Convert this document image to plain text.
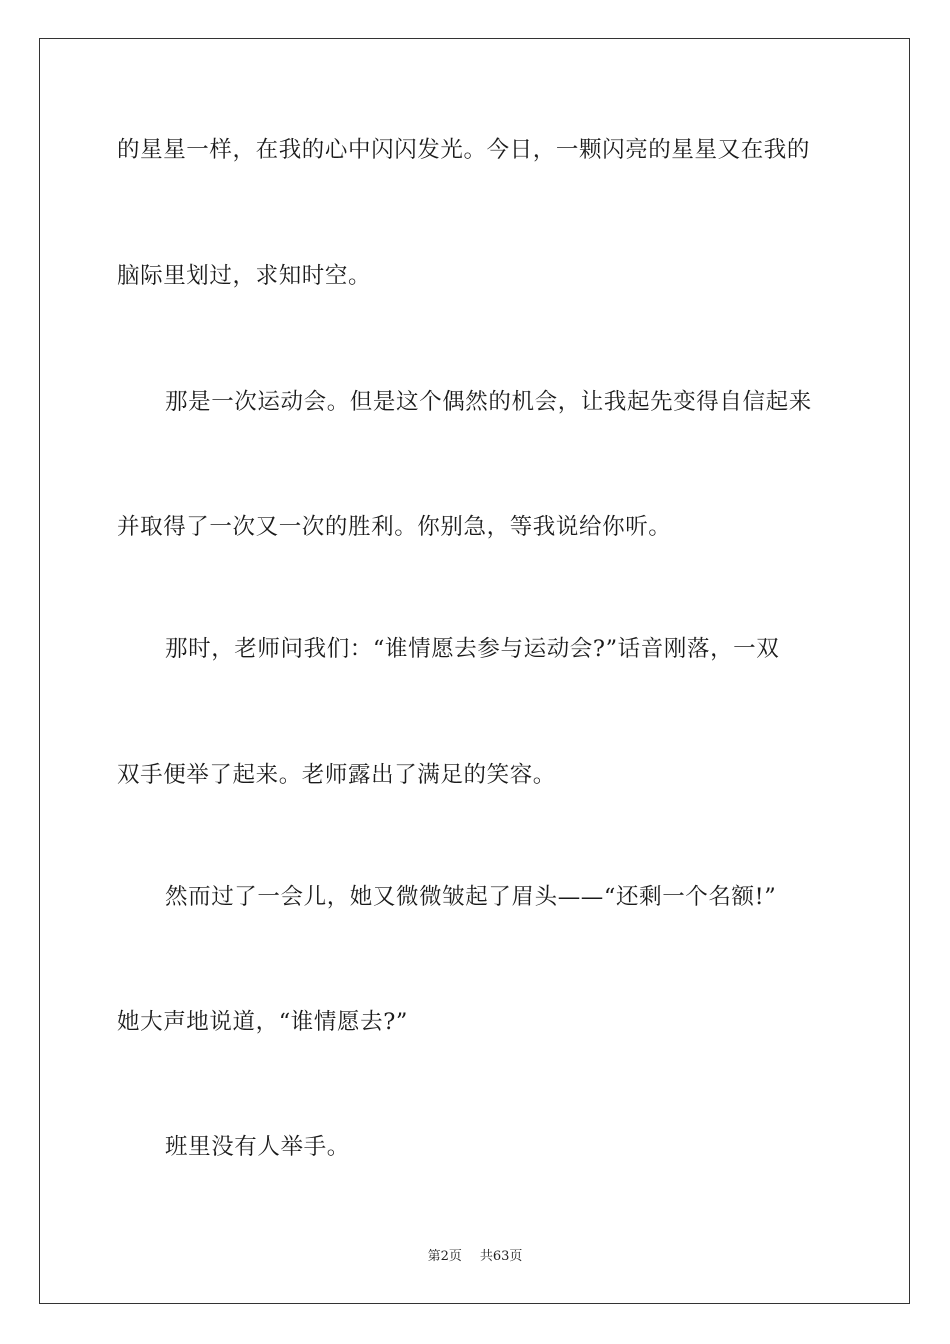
的星星一样，在我的心中闪闪发光。今日，一颗闪亮的星星又在我的
脑际里划过，求知时空。
那是一次运动会。但是这个偶然的机会，让我起先变得自信起来
并取得了一次又一次的胜利。你别急，等我说给你听。
那时，老师问我们：“谁情愿去参与运动会?”话音刚落，一双
双手便举了起来。老师露出了满足的笑容。
然而过了一会儿，她又微微皱起了眉头——“还剩一个名额!”
她大声地说道，“谁情愿去?”
班里没有人举手。
第2页 共63页
